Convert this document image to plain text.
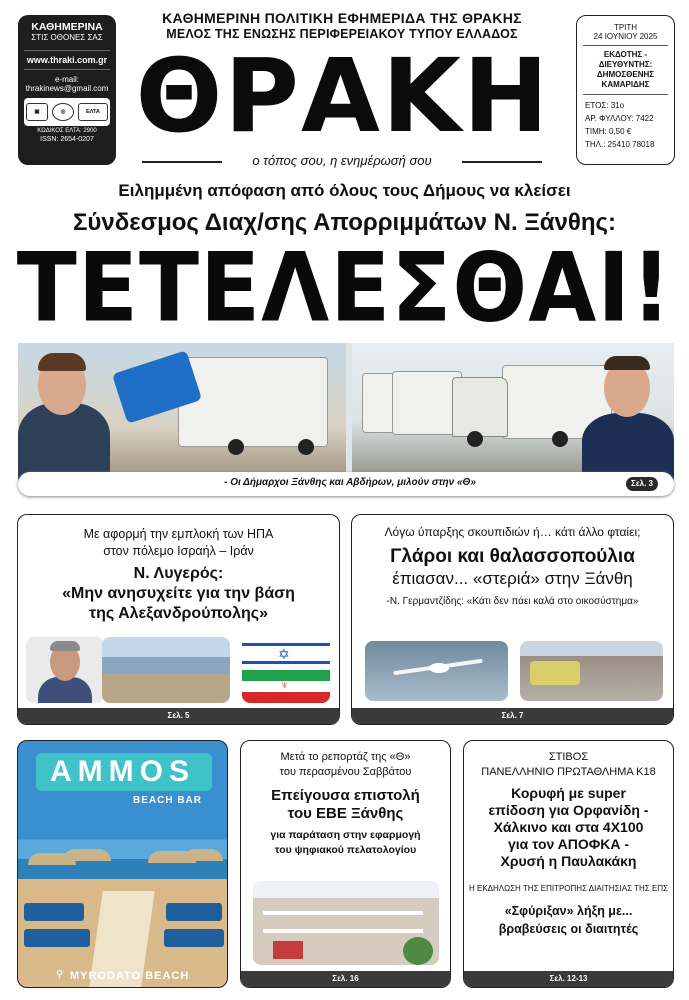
ΚΑΘΗΜΕΡΙΝΑ
ΣΤΙΣ ΟΘΟΝΕΣ ΣΑΣ
www.thraki.com.gr
e-mail:
thrakinews@gmail.com
▣	◎	ΕΛΤΑ
ΚΩΔΙΚΟΣ ΕΛΤΑ: 2900
ISSN: 2654-0207
ΚΑΘΗΜΕΡΙΝΗ ΠΟΛΙΤΙΚΗ ΕΦΗΜΕΡΙΔΑ ΤΗΣ ΘΡΑΚΗΣ
ΜΕΛΟΣ ΤΗΣ ΕΝΩΣΗΣ ΠΕΡΙΦΕΡΕΙΑΚΟΥ ΤΥΠΟΥ ΕΛΛΑΔΟΣ
ΘΡΑΚΗ
ο τόπος σου, η ενημέρωσή σου
ΤΡΙΤΗ
24 ΙΟΥΝΙΟΥ 2025
ΕΚΔΟΤΗΣ - ΔΙΕΥΘΥΝΤΗΣ:
ΔΗΜΟΣΘΕΝΗΣ
ΚΑΜΑΡΙΔΗΣ
ΕΤΟΣ: 31ο
ΑΡ. ΦΥΛΛΟΥ: 7422
ΤΙΜΗ: 0,50 €
ΤΗΛ.: 25410 78018
Ειλημμένη απόφαση από όλους τους Δήμους να κλείσει
Σύνδεσμος Διαχ/σης Απορριμμάτων Ν. Ξάνθης:
ΤΕΤΕΛΕΣΘΑΙ!
- Οι Δήμαρχοι Ξάνθης και Αβδήρων, μιλούν στην «Θ»	Σελ. 3
Με αφορμή την εμπλοκή των ΗΠΑ
στον πόλεμο Ισραήλ – Ιράν
Ν. Λυγερός:
«Μην ανησυχείτε για την βάση
της Αλεξανδρούπολης»
✡
♆
Σελ. 5
Λόγω ύπαρξης σκουπιδιών ή… κάτι άλλο φταίει;
Γλάροι και θαλασσοπούλια
έπιασαν... «στεριά» στην Ξάνθη
-Ν. Γερμαντζίδης: «Κάτι δεν πάει καλά στο οικοσύστημα»
Σελ. 7
AMMOS
BEACH BAR
⚲ MYRODATO BEACH
Μετά το ρεπορτάζ της «Θ»
του περασμένου Σαββάτου
Επείγουσα επιστολή
του ΕΒΕ Ξάνθης
για παράταση στην εφαρμογή
του ψηφιακού πελατολογίου
Σελ. 16
ΣΤΙΒΟΣ
ΠΑΝΕΛΛΗΝΙΟ ΠΡΩΤΑΘΛΗΜΑ Κ18
Κορυφή με super
επίδοση για Ορφανίδη -
Χάλκινο και στα 4Χ100
για τον ΑΠΟΦΚΑ -
Χρυσή η Παυλακάκη
Η ΕΚΔΗΛΩΣΗ ΤΗΣ ΕΠΙΤΡΟΠΗΣ ΔΙΑΙΤΗΣΙΑΣ ΤΗΣ ΕΠΣ
«Σφύριξαν» λήξη με...
βραβεύσεις οι διαιτητές
Σελ. 12-13
